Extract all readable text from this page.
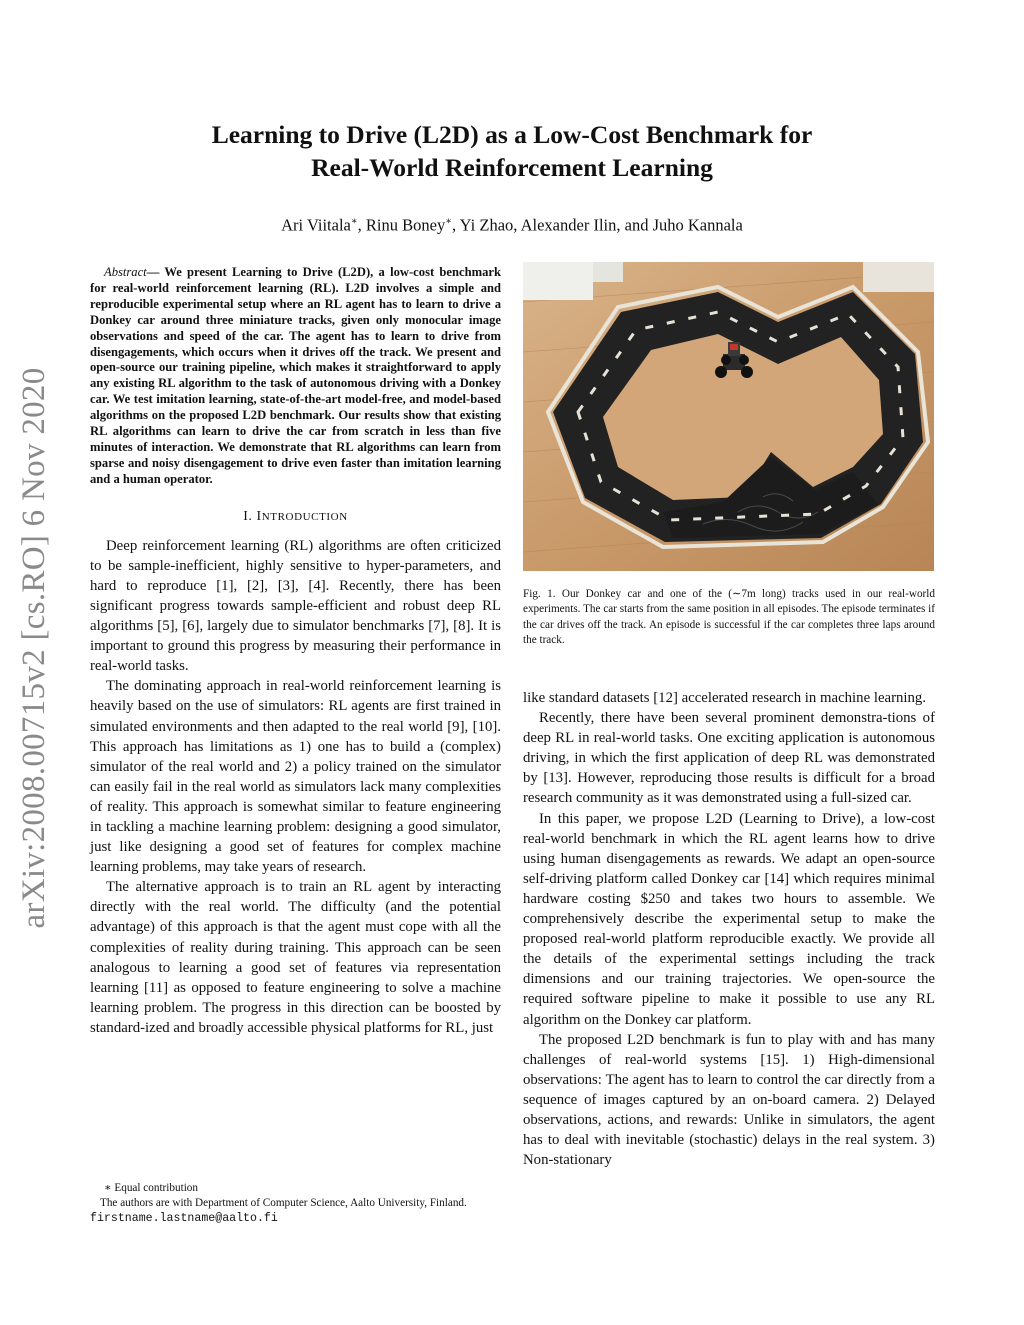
arXiv:2008.00715v2 [cs.RO] 6 Nov 2020
Learning to Drive (L2D) as a Low-Cost Benchmark for
Real-World Reinforcement Learning
Ari Viitala∗, Rinu Boney∗, Yi Zhao, Alexander Ilin, and Juho Kannala

Abstract— We present Learning to Drive (L2D), a low-cost benchmark for real-world reinforcement learning (RL). L2D involves a simple and reproducible experimental setup where an RL agent has to learn to drive a Donkey car around three miniature tracks, given only monocular image observations and speed of the car. The agent has to learn to drive from disengagements, which occurs when it drives off the track. We present and open-source our training pipeline, which makes it straightforward to apply any existing RL algorithm to the task of autonomous driving with a Donkey car. We test imitation learning, state-of-the-art model-free, and model-based algorithms on the proposed L2D benchmark. Our results show that existing RL algorithms can learn to drive the car from scratch in less than five minutes of interaction. We demonstrate that RL algorithms can learn from sparse and noisy disengagement to drive even faster than imitation learning and a human operator.

I. INTRODUCTION

Deep reinforcement learning (RL) algorithms are often criticized to be sample-inefficient, highly sensitive to hyper-parameters, and hard to reproduce [1], [2], [3], [4]. Recently, there has been significant progress towards sample-efficient and robust deep RL algorithms [5], [6], largely due to simulator benchmarks [7], [8]. It is important to ground this progress by measuring their performance in real-world tasks.

The dominating approach in real-world reinforcement learning is heavily based on the use of simulators: RL agents are first trained in simulated environments and then adapted to the real world [9], [10]. This approach has limitations as 1) one has to build a (complex) simulator of the real world and 2) a policy trained on the simulator can easily fail in the real world as simulators lack many complexities of reality. This approach is somewhat similar to feature engineering in tackling a machine learning problem: designing a good simulator, just like designing a good set of features for complex machine learning problems, may take years of research.

The alternative approach is to train an RL agent by interacting directly with the real world. The difficulty (and the potential advantage) of this approach is that the agent must cope with all the complexities of reality during training. This approach can be seen analogous to learning a good set of features via representation learning [11] as opposed to feature engineering to solve a machine learning problem. The progress in this direction can be boosted by standard-ized and broadly accessible physical platforms for RL, just

∗ Equal contribution
The authors are with Department of Computer Science, Aalto University, Finland. firstname.lastname@aalto.fi
Fig. 1. Our Donkey car and one of the (∼7m long) tracks used in our real-world experiments. The car starts from the same position in all episodes. The episode terminates if the car drives off the track. An episode is successful if the car completes three laps around the track.

like standard datasets [12] accelerated research in machine learning.

Recently, there have been several prominent demonstra-tions of deep RL in real-world tasks. One exciting application is autonomous driving, in which the first application of deep RL was demonstrated by [13]. However, reproducing those results is difficult for a broad research community as it was demonstrated using a full-sized car.

In this paper, we propose L2D (Learning to Drive), a low-cost real-world benchmark in which the RL agent learns how to drive using human disengagements as rewards. We adapt an open-source self-driving platform called Donkey car [14] which requires minimal hardware costing $250 and takes two hours to assemble. We comprehensively describe the experimental setup to make the proposed real-world platform reproducible exactly. We provide all the details of the experimental settings including the track dimensions and our training trajectories. We open-source the required software pipeline to make it possible to use any RL algorithm on the Donkey car platform.

The proposed L2D benchmark is fun to play with and has many challenges of real-world systems [15]. 1) High-dimensional observations: The agent has to learn to control the car directly from a sequence of images captured by an on-board camera. 2) Delayed observations, actions, and rewards: Unlike in simulators, the agent has to deal with inevitable (stochastic) delays in the real system. 3) Non-stationary
